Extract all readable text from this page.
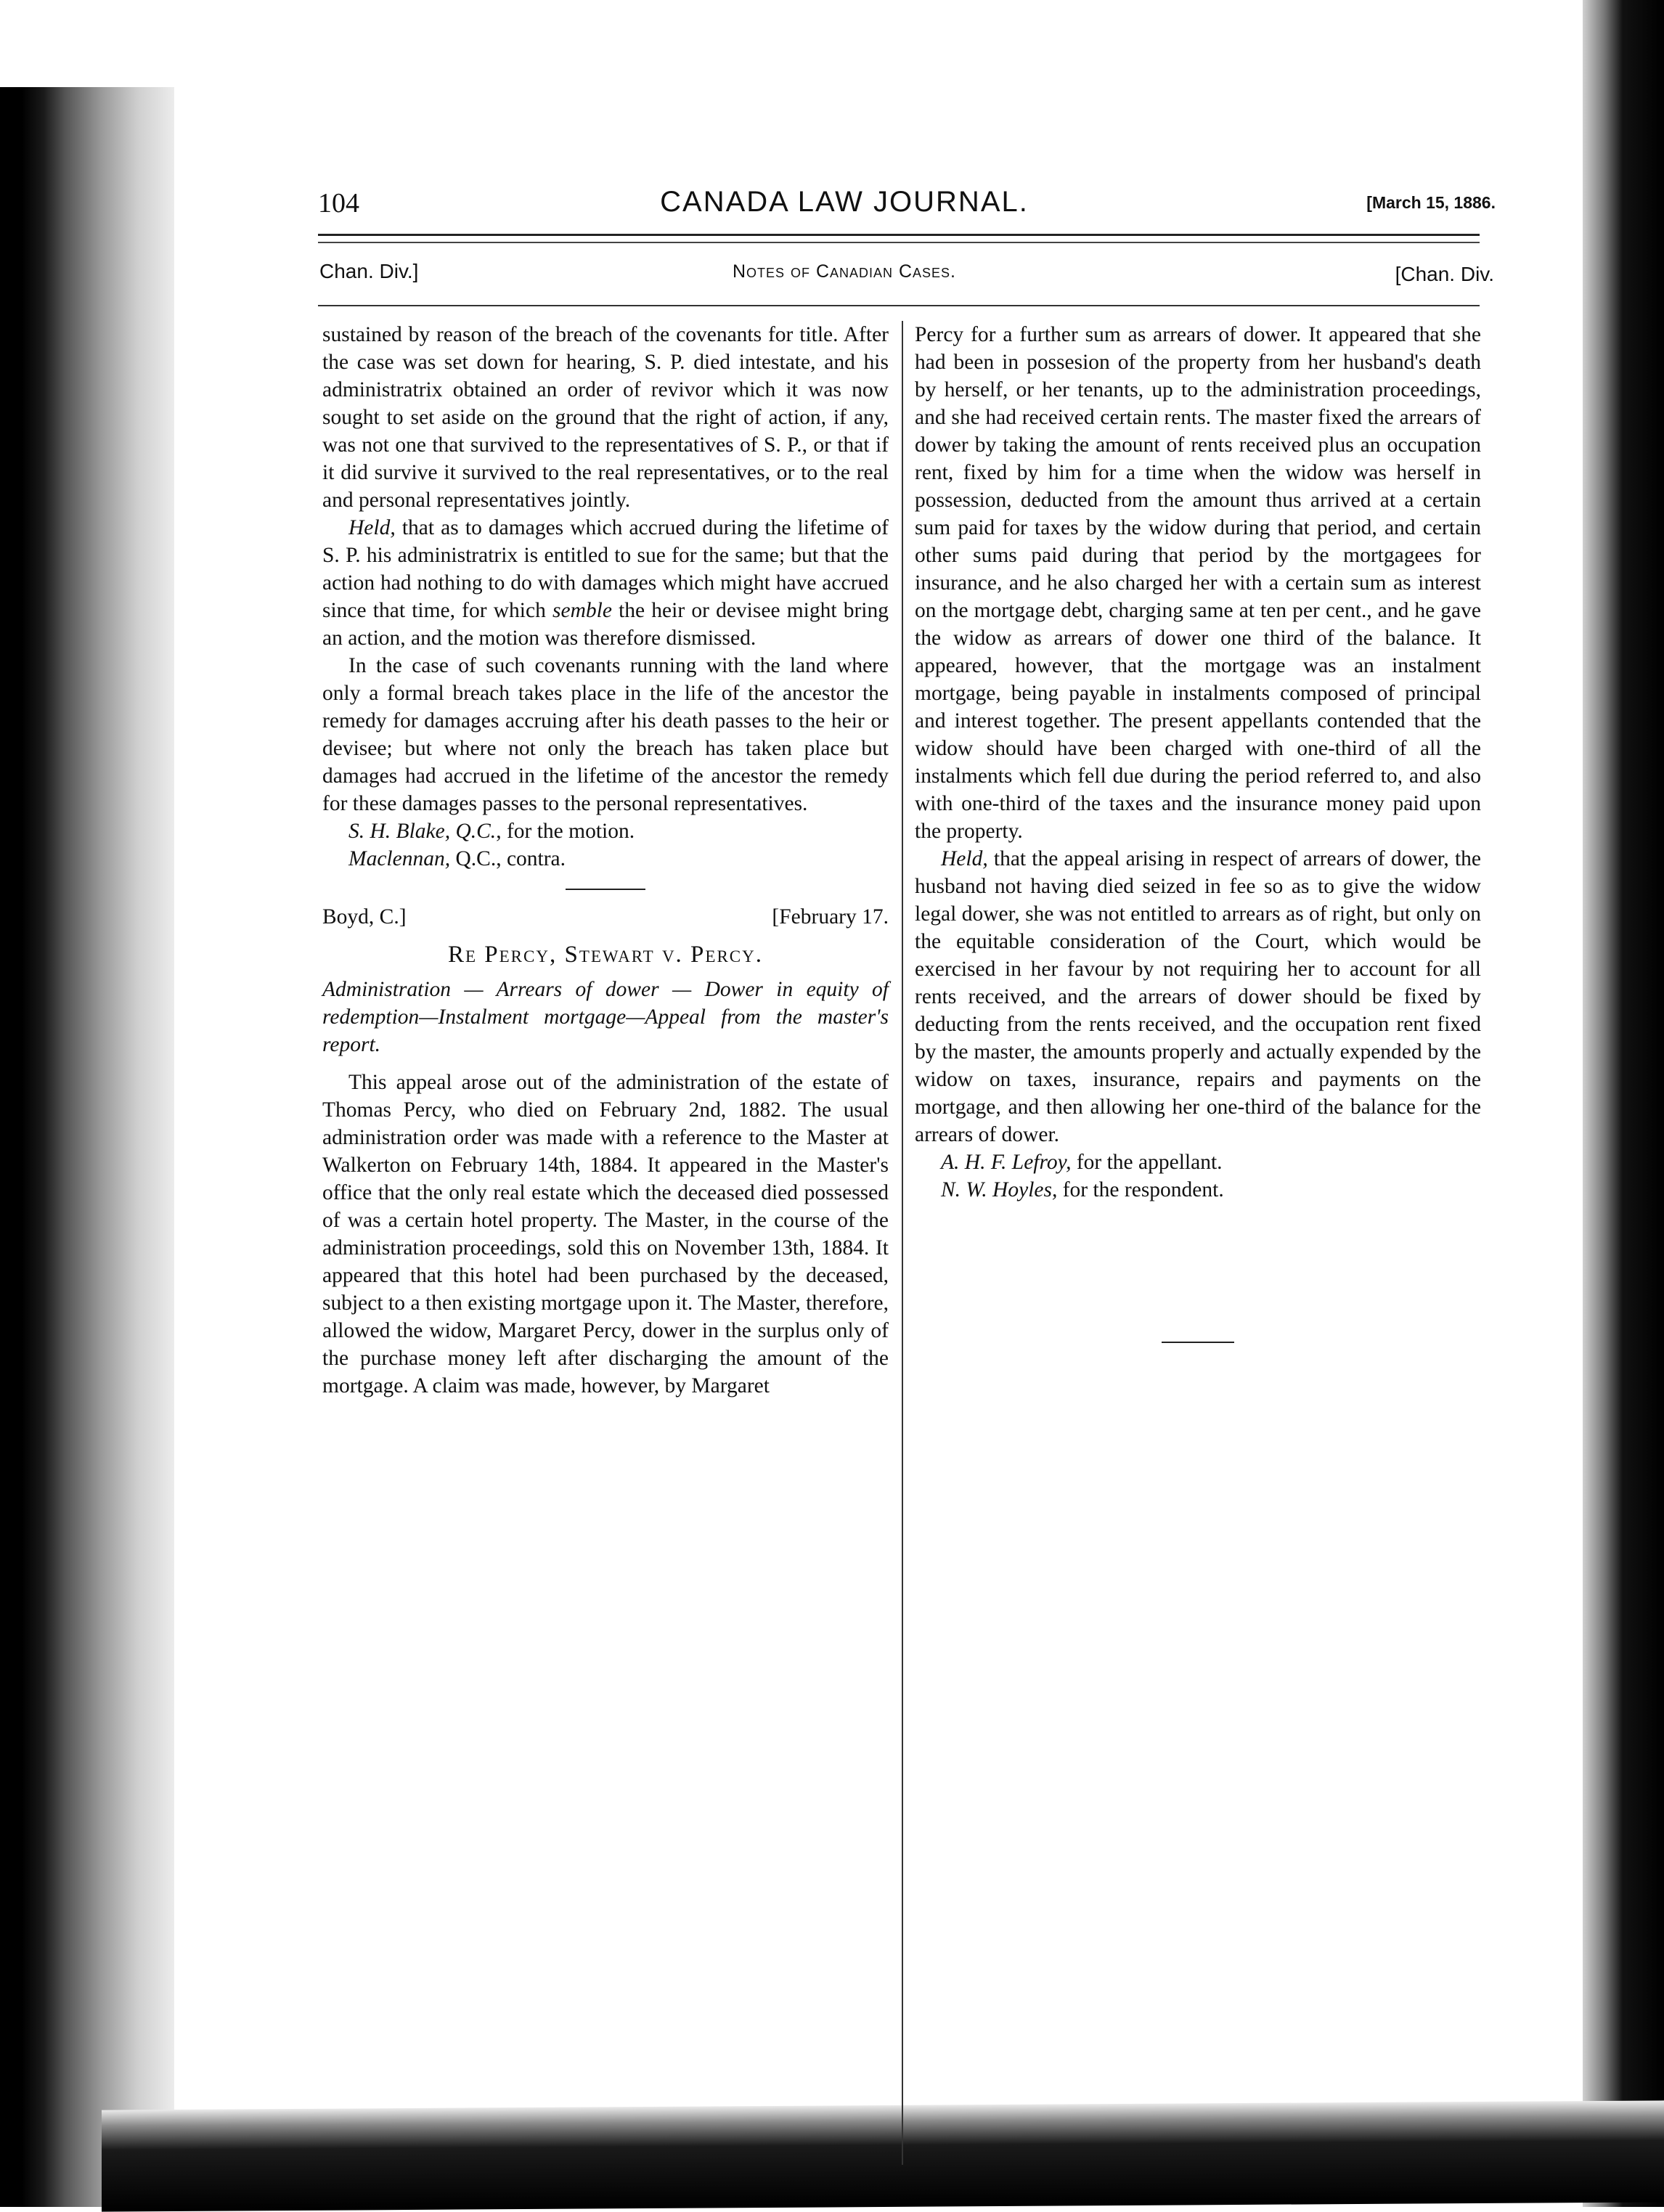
104	CANADA LAW JOURNAL.	[March 15, 1886.
Chan. Div.]	Notes of Canadian Cases.	[Chan. Div.

sustained by reason of the breach of the covenants for title. After the case was set down for hearing, S. P. died intestate, and his administratrix obtained an order of revivor which it was now sought to set aside on the ground that the right of action, if any, was not one that survived to the representatives of S. P., or that if it did survive it survived to the real representatives, or to the real and personal representatives jointly.

Held, that as to damages which accrued during the lifetime of S. P. his administratrix is entitled to sue for the same; but that the action had nothing to do with damages which might have accrued since that time, for which semble the heir or devisee might bring an action, and the motion was therefore dismissed.

In the case of such covenants running with the land where only a formal breach takes place in the life of the ancestor the remedy for damages accruing after his death passes to the heir or devisee; but where not only the breach has taken place but damages had accrued in the lifetime of the ancestor the remedy for these damages passes to the personal representatives.

S. H. Blake, Q.C., for the motion.

Maclennan, Q.C., contra.

Boyd, C.]	[February 17.
Re Percy, Stewart v. Percy.

Administration — Arrears of dower — Dower in equity of redemption—Instalment mortgage—Appeal from the master's report.

This appeal arose out of the administration of the estate of Thomas Percy, who died on February 2nd, 1882. The usual administration order was made with a reference to the Master at Walkerton on February 14th, 1884. It appeared in the Master's office that the only real estate which the deceased died possessed of was a certain hotel property. The Master, in the course of the administration proceedings, sold this on November 13th, 1884. It appeared that this hotel had been purchased by the deceased, subject to a then existing mortgage upon it. The Master, therefore, allowed the widow, Margaret Percy, dower in the surplus only of the purchase money left after discharging the amount of the mortgage. A claim was made, however, by Margaret

Percy for a further sum as arrears of dower. It appeared that she had been in possesion of the property from her husband's death by herself, or her tenants, up to the administration proceedings, and she had received certain rents. The master fixed the arrears of dower by taking the amount of rents received plus an occupation rent, fixed by him for a time when the widow was herself in possession, deducted from the amount thus arrived at a certain sum paid for taxes by the widow during that period, and certain other sums paid during that period by the mortgagees for insurance, and he also charged her with a certain sum as interest on the mortgage debt, charging same at ten per cent., and he gave the widow as arrears of dower one third of the balance. It appeared, however, that the mortgage was an instalment mortgage, being payable in instalments composed of principal and interest together. The present appellants contended that the widow should have been charged with one-third of all the instalments which fell due during the period referred to, and also with one-third of the taxes and the insurance money paid upon the property.

Held, that the appeal arising in respect of arrears of dower, the husband not having died seized in fee so as to give the widow legal dower, she was not entitled to arrears as of right, but only on the equitable consideration of the Court, which would be exercised in her favour by not requiring her to account for all rents received, and the arrears of dower should be fixed by deducting from the rents received, and the occupation rent fixed by the master, the amounts properly and actually expended by the widow on taxes, insurance, repairs and payments on the mortgage, and then allowing her one-third of the balance for the arrears of dower.

A. H. F. Lefroy, for the appellant.

N. W. Hoyles, for the respondent.
